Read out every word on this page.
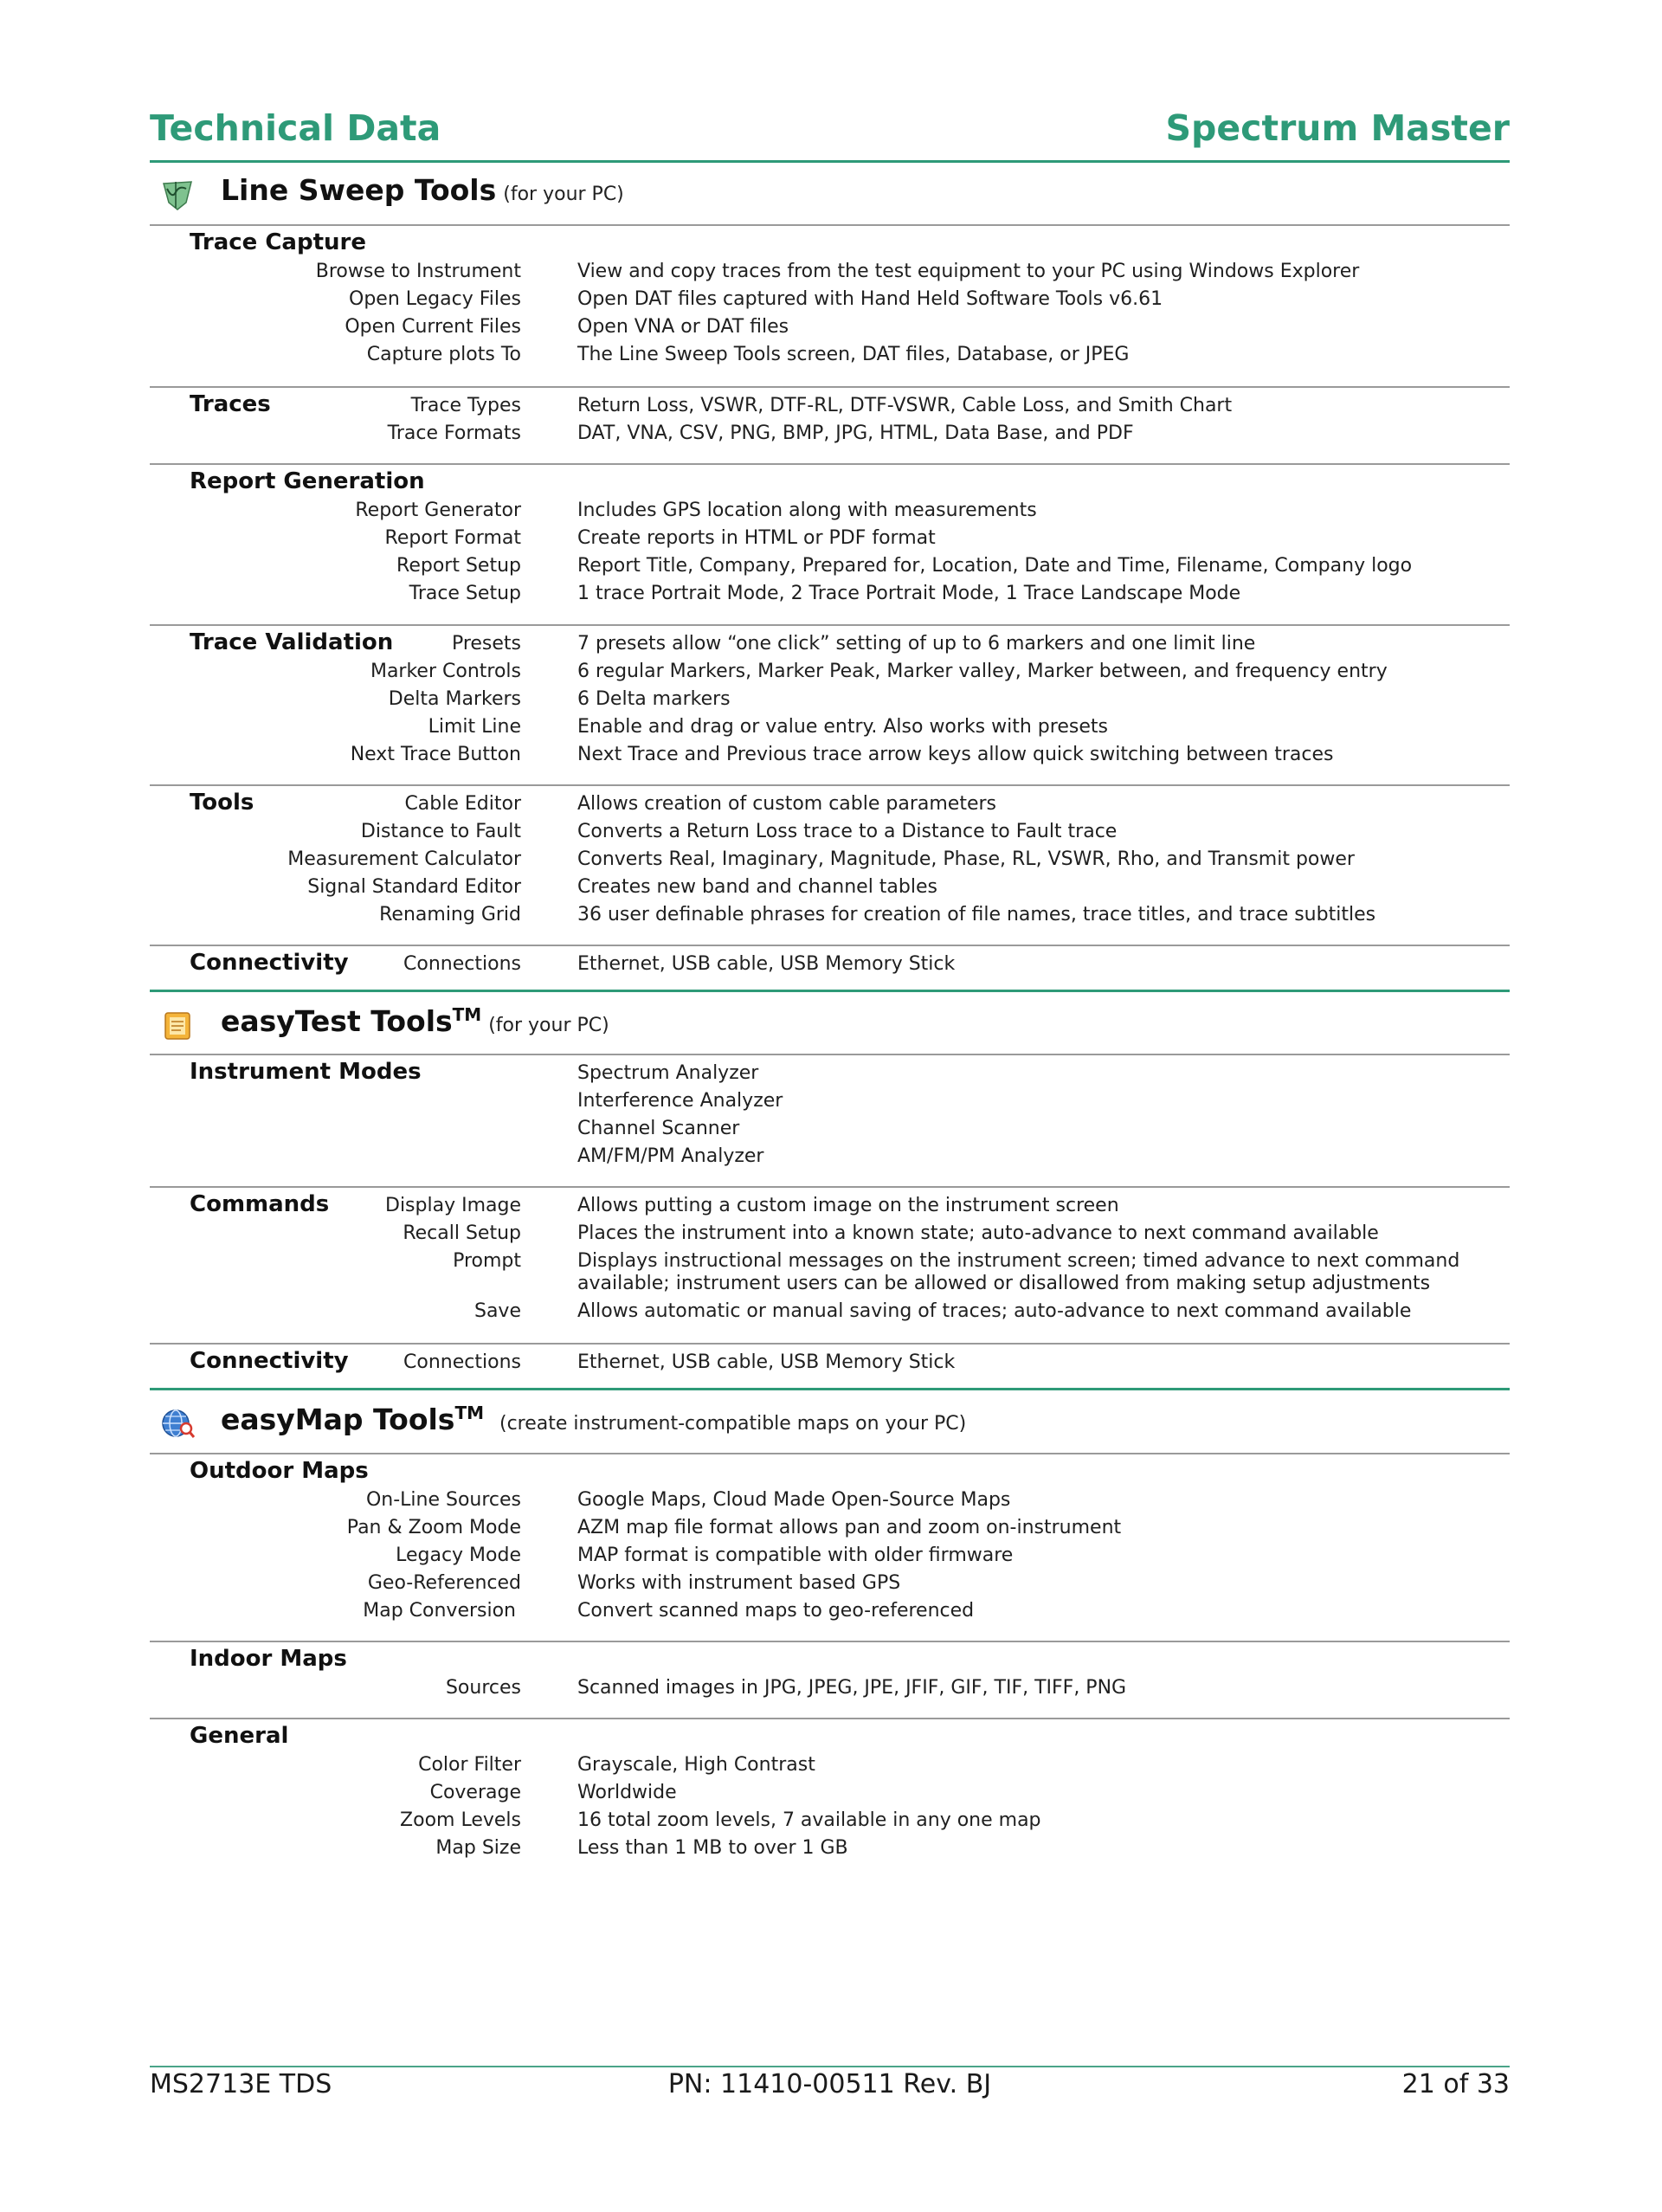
Technical Data	Spectrum Master
Line Sweep Tools (for your PC)
Trace Capture
Browse to Instrument	View and copy traces from the test equipment to your PC using Windows Explorer
Open Legacy Files	Open DAT files captured with Hand Held Software Tools v6.61
Open Current Files	Open VNA or DAT files
Capture plots To	The Line Sweep Tools screen, DAT files, Database, or JPEG
Traces	Trace Types	Return Loss, VSWR, DTF-RL, DTF-VSWR, Cable Loss, and Smith Chart
Trace Formats	DAT, VNA, CSV, PNG, BMP, JPG, HTML, Data Base, and PDF
Report Generation
Report Generator	Includes GPS location along with measurements
Report Format	Create reports in HTML or PDF format
Report Setup	Report Title, Company, Prepared for, Location, Date and Time, Filename, Company logo
Trace Setup	1 trace Portrait Mode, 2 Trace Portrait Mode, 1 Trace Landscape Mode
Trace Validation	Presets	7 presets allow “one click” setting of up to 6 markers and one limit line
Marker Controls	6 regular Markers, Marker Peak, Marker valley, Marker between, and frequency entry
Delta Markers	6 Delta markers
Limit Line	Enable and drag or value entry. Also works with presets
Next Trace Button	Next Trace and Previous trace arrow keys allow quick switching between traces
Tools	Cable Editor	Allows creation of custom cable parameters
Distance to Fault	Converts a Return Loss trace to a Distance to Fault trace
Measurement Calculator	Converts Real, Imaginary, Magnitude, Phase, RL, VSWR, Rho, and Transmit power
Signal Standard Editor	Creates new band and channel tables
Renaming Grid	36 user definable phrases for creation of file names, trace titles, and trace subtitles
Connectivity	Connections	Ethernet, USB cable, USB Memory Stick
easyTest Tools™ (for your PC)
Instrument Modes	Spectrum Analyzer
Interference Analyzer
Channel Scanner
AM/FM/PM Analyzer
Commands	Display Image	Allows putting a custom image on the instrument screen
Recall Setup	Places the instrument into a known state; auto-advance to next command available
Prompt	Displays instructional messages on the instrument screen; timed advance to next command available; instrument users can be allowed or disallowed from making setup adjustments
Save	Allows automatic or manual saving of traces; auto-advance to next command available
Connectivity	Connections	Ethernet, USB cable, USB Memory Stick
easyMap Tools™ (create instrument-compatible maps on your PC)
Outdoor Maps
On-Line Sources	Google Maps, Cloud Made Open-Source Maps
Pan & Zoom Mode	AZM map file format allows pan and zoom on-instrument
Legacy Mode	MAP format is compatible with older firmware
Geo-Referenced	Works with instrument based GPS
Map Conversion	Convert scanned maps to geo-referenced
Indoor Maps
Sources	Scanned images in JPG, JPEG, JPE, JFIF, GIF, TIF, TIFF, PNG
General
Color Filter	Grayscale, High Contrast
Coverage	Worldwide
Zoom Levels	16 total zoom levels, 7 available in any one map
Map Size	Less than 1 MB to over 1 GB
MS2713E TDS	PN: 11410-00511 Rev. BJ	21 of 33
